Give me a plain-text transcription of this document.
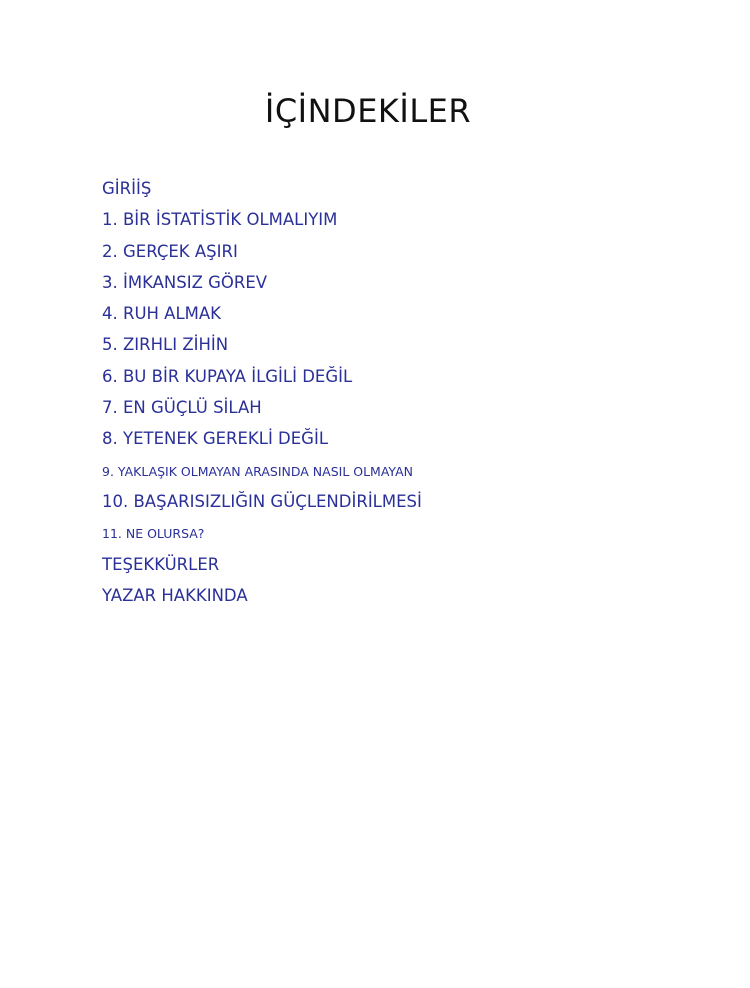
İÇİNDEKİLER
GİRİİŞ
1. BİR İSTATİSTİK OLMALIYIM
2. GERÇEK AŞIRI
3. İMKANSIZ GÖREV
4. RUH ALMAK
5. ZIRHLI ZİHİN
6. BU BİR KUPAYA İLGİLİ DEĞİL
7. EN GÜÇLÜ SİLAH
8. YETENEK GEREKLİ DEĞİL
9. YAKLAŞIK OLMAYAN ARASINDA NASIL OLMAYAN
10. BAŞARISIZLIĞIN GÜÇLENDİRİLMESİ
11. NE OLURSA?
TEŞEKKÜRLER
YAZAR HAKKINDA
